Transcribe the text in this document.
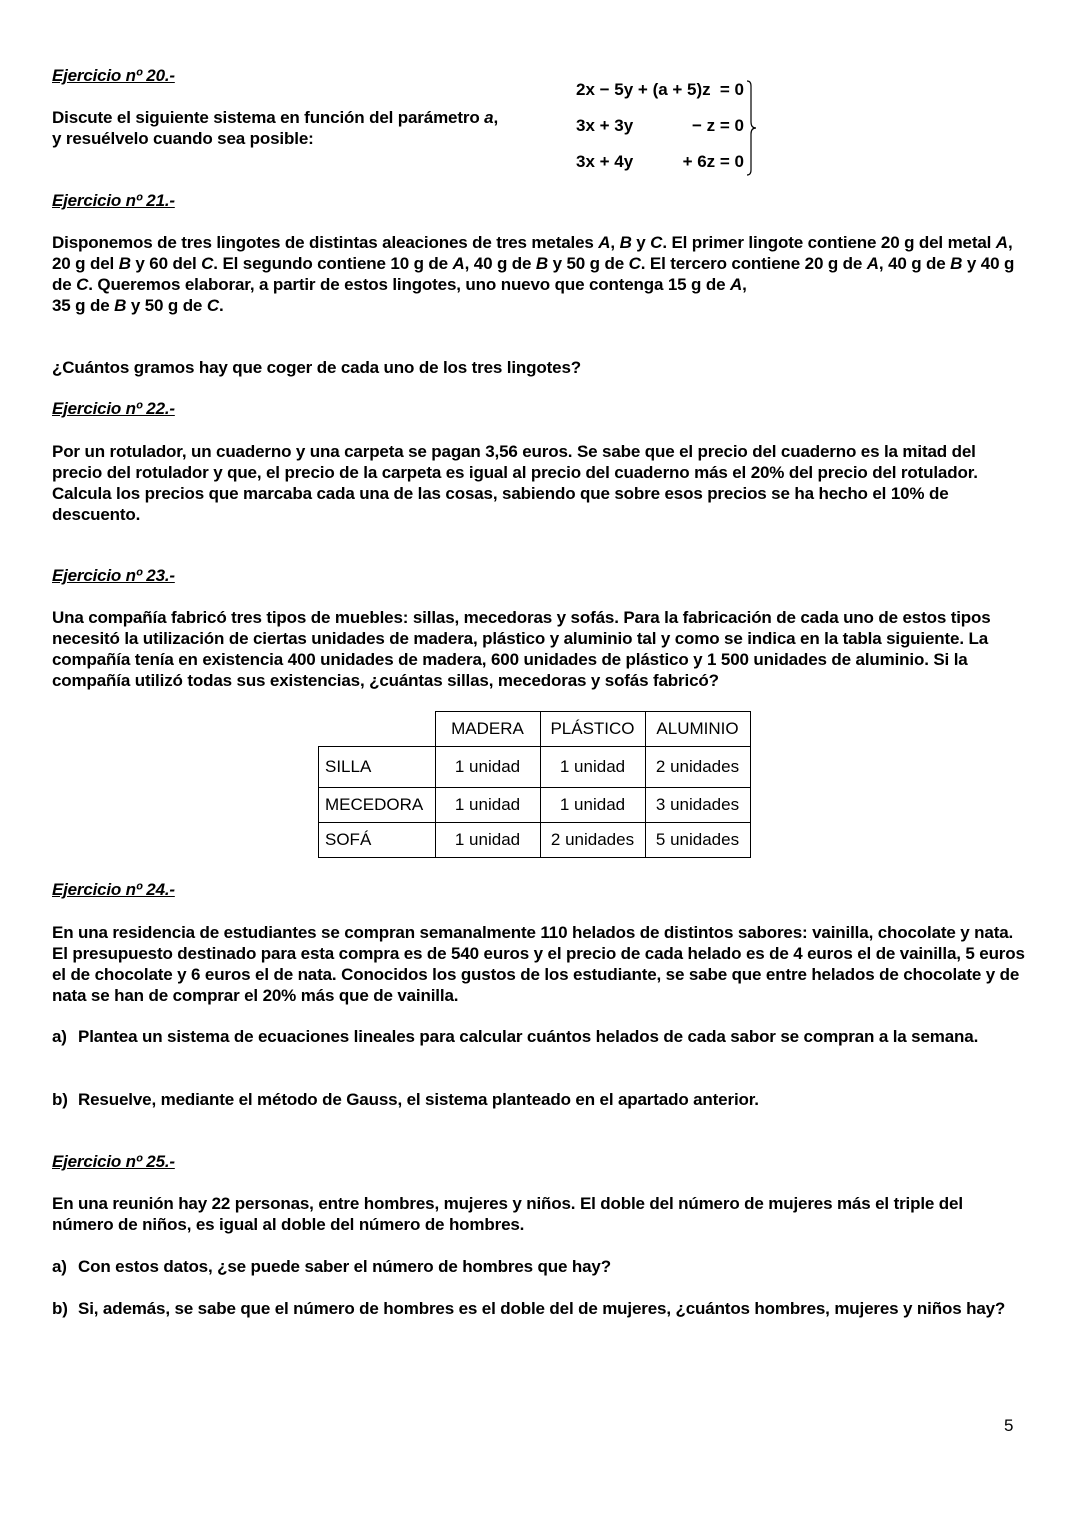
Ejercicio nº 20.-
Discute el siguiente sistema en función del parámetro a,
y resuélvelo cuando sea posible:
2x − 5y + (a + 5)z = 0
3x + 3y	− z = 0
3x + 4y	+ 6z = 0
Ejercicio nº 21.-
Disponemos de tres lingotes de distintas aleaciones de tres metales A, B y C. El primer lingote contiene 20 g del metal A, 20 g del B y 60 del C. El segundo contiene 10 g de A, 40 g de B y 50 g de C. El tercero contiene 20 g de A, 40 g de B y 40 g de C. Queremos elaborar, a partir de estos lingotes, uno nuevo que contenga 15 g de A,
35 g de B y 50 g de C.
¿Cuántos gramos hay que coger de cada uno de los tres lingotes?
Ejercicio nº 22.-
Por un rotulador, un cuaderno y una carpeta se pagan 3,56 euros. Se sabe que el precio del cuaderno es la mitad del precio del rotulador y que, el precio de la carpeta es igual al precio del cuaderno más el 20% del precio del rotulador. Calcula los precios que marcaba cada una de las cosas, sabiendo que sobre esos precios se ha hecho el 10% de descuento.
Ejercicio nº 23.-
Una compañía fabricó tres tipos de muebles: sillas, mecedoras y sofás. Para la fabricación de cada uno de estos tipos necesitó la utilización de ciertas unidades de madera, plástico y aluminio tal y como se indica en la tabla siguiente. La compañía tenía en existencia 400 unidades de madera, 600 unidades de plástico y 1 500 unidades de aluminio. Si la compañía utilizó todas sus existencias, ¿cuántas sillas, mecedoras y sofás fabricó?
	MADERA	PLÁSTICO	ALUMINIO
SILLA	1 unidad	1 unidad	2 unidades
MECEDORA	1 unidad	1 unidad	3 unidades
SOFÁ	1 unidad	2 unidades	5 unidades
Ejercicio nº 24.-
En una residencia de estudiantes se compran semanalmente 110 helados de distintos sabores: vainilla, chocolate y nata. El presupuesto destinado para esta compra es de 540 euros y el precio de cada helado es de 4 euros el de vainilla, 5 euros el de chocolate y 6 euros el de nata. Conocidos los gustos de los estudiante, se sabe que entre helados de chocolate y de nata se han de comprar el 20% más que de vainilla.
a) Plantea un sistema de ecuaciones lineales para calcular cuántos helados de cada sabor se compran a la semana.
b) Resuelve, mediante el método de Gauss, el sistema planteado en el apartado anterior.
Ejercicio nº 25.-
En una reunión hay 22 personas, entre hombres, mujeres y niños. El doble del número de mujeres más el triple del número de niños, es igual al doble del número de hombres.
a) Con estos datos, ¿se puede saber el número de hombres que hay?
b) Si, además, se sabe que el número de hombres es el doble del de mujeres, ¿cuántos hombres, mujeres y niños hay?
5
